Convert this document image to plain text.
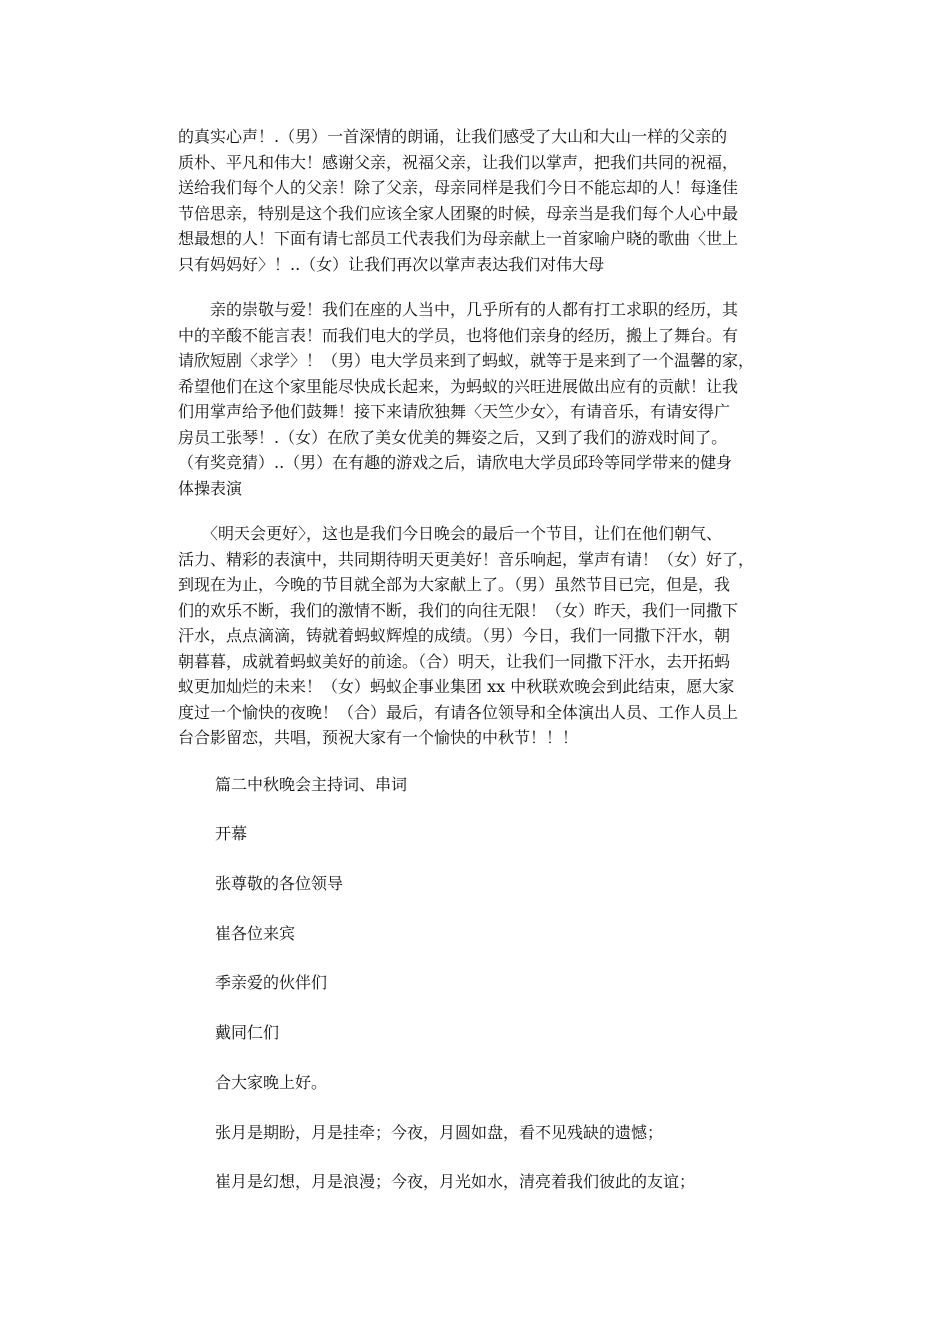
的真实心声！.（男）一首深情的朗诵，让我们感受了大山和大山一样的父亲的
质朴、平凡和伟大！感谢父亲，祝福父亲，让我们以掌声，把我们共同的祝福，
送给我们每个人的父亲！除了父亲，母亲同样是我们今日不能忘却的人！每逢佳
节倍思亲，特别是这个我们应该全家人团聚的时候，母亲当是我们每个人心中最
想最想的人！下面有请七部员工代表我们为母亲献上一首家喻户晓的歌曲〈世上
只有妈妈好〉！..（女）让我们再次以掌声表达我们对伟大母
　　亲的崇敬与爱！我们在座的人当中，几乎所有的人都有打工求职的经历，其
中的辛酸不能言表！而我们电大的学员，也将他们亲身的经历，搬上了舞台。有
请欣短剧〈求学〉！（男）电大学员来到了蚂蚁，就等于是来到了一个温馨的家，
希望他们在这个家里能尽快成长起来，为蚂蚁的兴旺进展做出应有的贡献！让我
们用掌声给予他们鼓舞！接下来请欣独舞〈天竺少女〉，有请音乐，有请安得广
房员工张琴！.（女）在欣了美女优美的舞姿之后，又到了我们的游戏时间了。
（有奖竞猜）..（男）在有趣的游戏之后，请欣电大学员邱玲等同学带来的健身
体操表演
　　〈明天会更好〉，这也是我们今日晚会的最后一个节目，让们在他们朝气、
活力、精彩的表演中，共同期待明天更美好！音乐响起，掌声有请！（女）好了，
到现在为止，今晚的节目就全部为大家献上了。（男）虽然节目已完，但是，我
们的欢乐不断，我们的激情不断，我们的向往无限！（女）昨天，我们一同撒下
汗水，点点滴滴，铸就着蚂蚁辉煌的成绩。（男）今日，我们一同撒下汗水，朝
朝暮暮，成就着蚂蚁美好的前途。（合）明天，让我们一同撒下汗水，去开拓蚂
蚁更加灿烂的未来！（女）蚂蚁企事业集团 xx 中秋联欢晚会到此结束，愿大家
度过一个愉快的夜晚！（合）最后，有请各位领导和全体演出人员、工作人员上
台合影留恋，共唱，预祝大家有一个愉快的中秋节！！！
篇二中秋晚会主持词、串词
开幕
张尊敬的各位领导
崔各位来宾
季亲爱的伙伴们
戴同仁们
合大家晚上好。
张月是期盼，月是挂牵；今夜，月圆如盘，看不见残缺的遗憾；
崔月是幻想，月是浪漫；今夜，月光如水，清亮着我们彼此的友谊；
